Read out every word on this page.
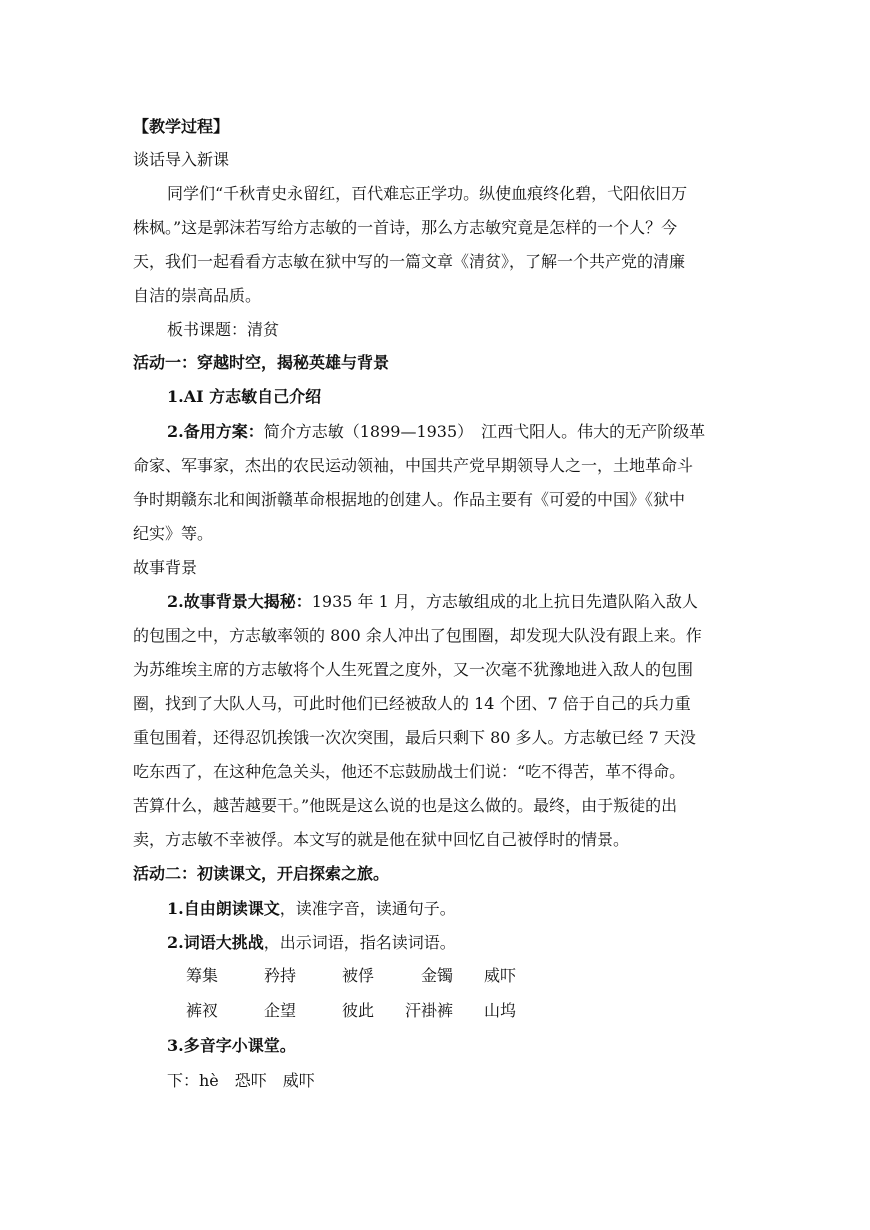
【教学过程】
谈话导入新课
同学们“千秋青史永留红，百代难忘正学功。纵使血痕终化碧，弋阳依旧万
株枫。”这是郭沫若写给方志敏的一首诗，那么方志敏究竟是怎样的一个人？今
天，我们一起看看方志敏在狱中写的一篇文章《清贫》，了解一个共产党的清廉
自洁的崇高品质。
板书课题：清贫
活动一：穿越时空，揭秘英雄与背景
1.AI 方志敏自己介绍
2.备用方案：简介方志敏（1899—1935）　江西弋阳人。伟大的无产阶级革
命家、军事家，杰出的农民运动领袖，中国共产党早期领导人之一，土地革命斗
争时期赣东北和闽浙赣革命根据地的创建人。作品主要有《可爱的中国》《狱中
纪实》等。
故事背景
2.故事背景大揭秘：1935 年 1 月，方志敏组成的北上抗日先遣队陷入敌人
的包围之中，方志敏率领的 800 余人冲出了包围圈，却发现大队没有跟上来。作
为苏维埃主席的方志敏将个人生死置之度外，又一次毫不犹豫地进入敌人的包围
圈，找到了大队人马，可此时他们已经被敌人的 14 个团、7 倍于自己的兵力重
重包围着，还得忍饥挨饿一次次突围，最后只剩下 80 多人。方志敏已经 7 天没
吃东西了，在这种危急关头，他还不忘鼓励战士们说：“吃不得苦，革不得命。
苦算什么，越苦越要干。”他既是这么说的也是这么做的。最终，由于叛徒的出
卖，方志敏不幸被俘。本文写的就是他在狱中回忆自己被俘时的情景。
活动二：初读课文，开启探索之旅。
1.自由朗读课文，读准字音，读通句子。
2.词语大挑战，出示词语，指名读词语。
筹集	矜持	被俘	金镯 威吓
裤衩	企望	彼此 汗褂裤 山坞
3.多音字小课堂。
下：hè　恐吓　威吓
